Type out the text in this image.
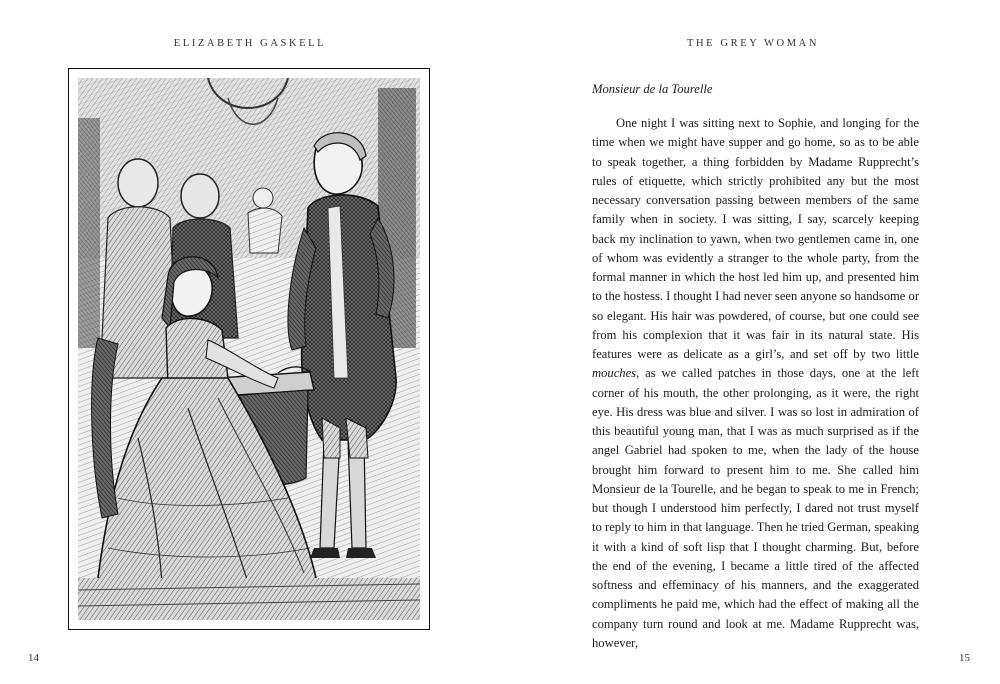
ELIZABETH GASKELL
14
THE GREY WOMAN

Monsieur de la Tourelle

One night I was sitting next to Sophie, and longing for the time when we might have supper and go home, so as to be able to speak together, a thing forbidden by Madame Rupprecht’s rules of etiquette, which strictly prohibited any but the most necessary conversation passing between members of the same family when in society. I was sitting, I say, scarcely keeping back my inclination to yawn, when two gentlemen came in, one of whom was evidently a stranger to the whole party, from the formal manner in which the host led him up, and presented him to the hostess. I thought I had never seen anyone so handsome or so elegant. His hair was powdered, of course, but one could see from his complexion that it was fair in its natural state. His features were as delicate as a girl’s, and set off by two little mouches, as we called patches in those days, one at the left corner of his mouth, the other prolonging, as it were, the right eye. His dress was blue and silver. I was so lost in admiration of this beautiful young man, that I was as much surprised as if the angel Gabriel had spoken to me, when the lady of the house brought him forward to present him to me. She called him Monsieur de la Tourelle, and he began to speak to me in French; but though I understood him perfectly, I dared not trust myself to reply to him in that language. Then he tried German, speaking it with a kind of soft lisp that I thought charming. But, before the end of the evening, I became a little tired of the affected softness and effeminacy of his manners, and the exaggerated compliments he paid me, which had the effect of making all the company turn round and look at me. Madame Rupprecht was, however,

15
